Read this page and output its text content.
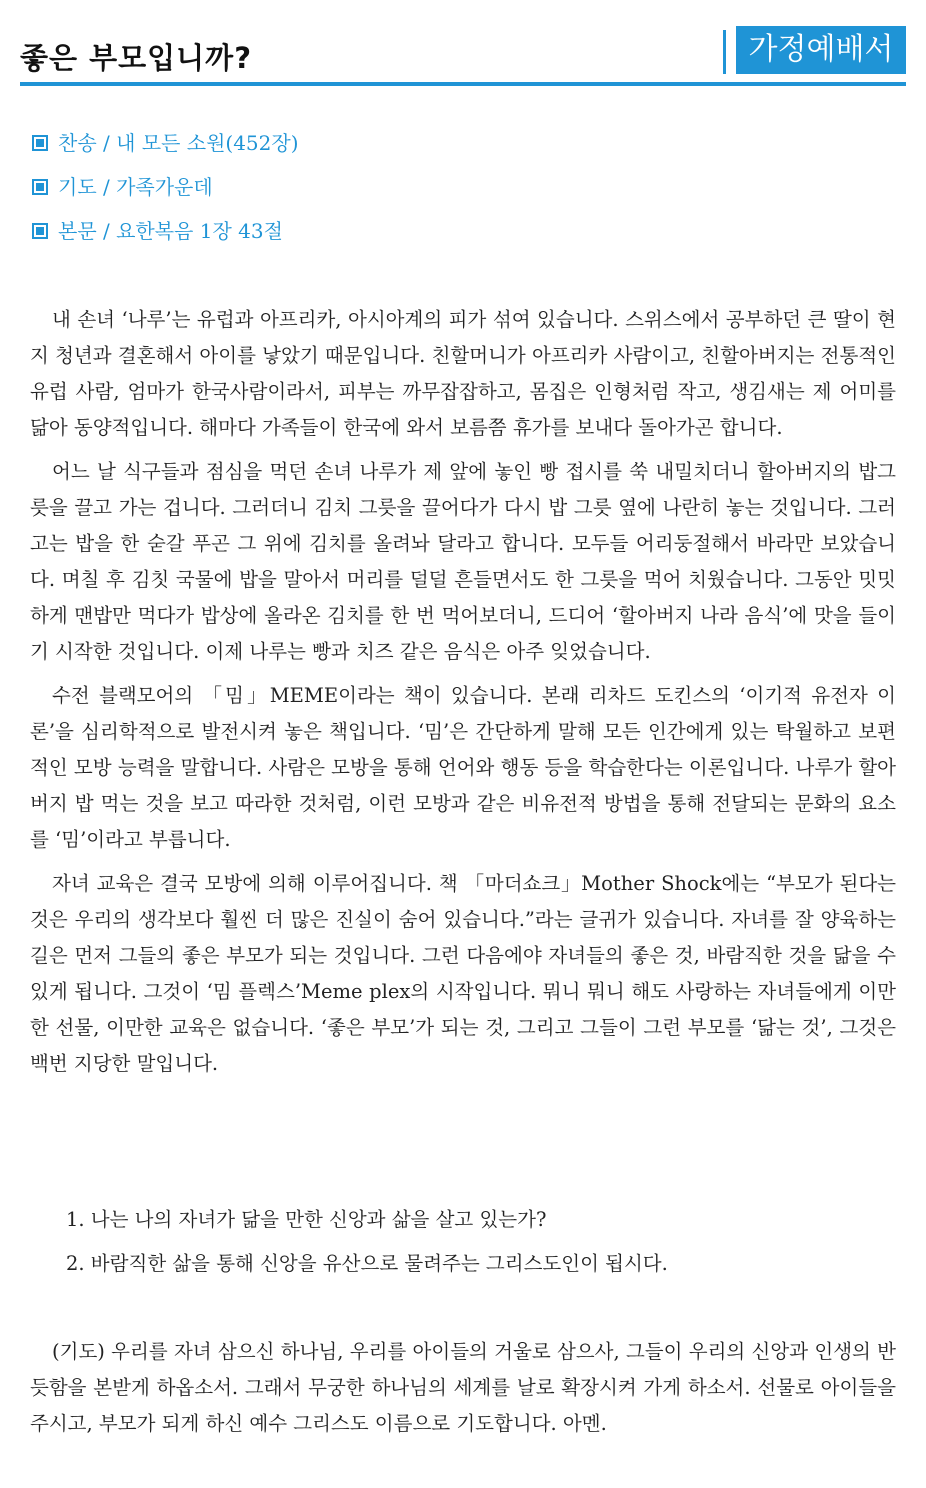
좋은 부모입니까?	가정예배서
찬송 / 내 모든 소원(452장)
기도 / 가족가운데
본문 / 요한복음 1장 43절

내 손녀 ‘나루’는 유럽과 아프리카, 아시아계의 피가 섞여 있습니다. 스위스에서 공부하던 큰 딸이 현지 청년과 결혼해서 아이를 낳았기 때문입니다. 친할머니가 아프리카 사람이고, 친할아버지는 전통적인 유럽 사람, 엄마가 한국사람이라서, 피부는 까무잡잡하고, 몸집은 인형처럼 작고, 생김새는 제 어미를 닮아 동양적입니다. 해마다 가족들이 한국에 와서 보름쯤 휴가를 보내다 돌아가곤 합니다.

어느 날 식구들과 점심을 먹던 손녀 나루가 제 앞에 놓인 빵 접시를 쑥 내밀치더니 할아버지의 밥그릇을 끌고 가는 겁니다. 그러더니 김치 그릇을 끌어다가 다시 밥 그릇 옆에 나란히 놓는 것입니다. 그러고는 밥을 한 숟갈 푸곤 그 위에 김치를 올려놔 달라고 합니다. 모두들 어리둥절해서 바라만 보았습니다. 며칠 후 김칫 국물에 밥을 말아서 머리를 덜덜 흔들면서도 한 그릇을 먹어 치웠습니다. 그동안 밋밋하게 맨밥만 먹다가 밥상에 올라온 김치를 한 번 먹어보더니, 드디어 ‘할아버지 나라 음식’에 맛을 들이기 시작한 것입니다. 이제 나루는 빵과 치즈 같은 음식은 아주 잊었습니다.

수전 블랙모어의 「밈」MEME이라는 책이 있습니다. 본래 리차드 도킨스의 ‘이기적 유전자 이론’을 심리학적으로 발전시켜 놓은 책입니다. ‘밈’은 간단하게 말해 모든 인간에게 있는 탁월하고 보편적인 모방 능력을 말합니다. 사람은 모방을 통해 언어와 행동 등을 학습한다는 이론입니다. 나루가 할아버지 밥 먹는 것을 보고 따라한 것처럼, 이런 모방과 같은 비유전적 방법을 통해 전달되는 문화의 요소를 ‘밈’이라고 부릅니다.

자녀 교육은 결국 모방에 의해 이루어집니다. 책 「마더쇼크」Mother Shock에는 “부모가 된다는 것은 우리의 생각보다 훨씬 더 많은 진실이 숨어 있습니다.”라는 글귀가 있습니다. 자녀를 잘 양육하는 길은 먼저 그들의 좋은 부모가 되는 것입니다. 그런 다음에야 자녀들의 좋은 것, 바람직한 것을 닮을 수 있게 됩니다. 그것이 ‘밈 플렉스’Meme plex의 시작입니다. 뭐니 뭐니 해도 사랑하는 자녀들에게 이만한 선물, 이만한 교육은 없습니다. ‘좋은 부모’가 되는 것, 그리고 그들이 그런 부모를 ‘닮는 것’, 그것은 백번 지당한 말입니다.

1. 나는 나의 자녀가 닮을 만한 신앙과 삶을 살고 있는가?
2. 바람직한 삶을 통해 신앙을 유산으로 물려주는 그리스도인이 됩시다.

(기도) 우리를 자녀 삼으신 하나님, 우리를 아이들의 거울로 삼으사, 그들이 우리의 신앙과 인생의 반듯함을 본받게 하옵소서. 그래서 무궁한 하나님의 세계를 날로 확장시켜 가게 하소서. 선물로 아이들을 주시고, 부모가 되게 하신 예수 그리스도 이름으로 기도합니다. 아멘.
